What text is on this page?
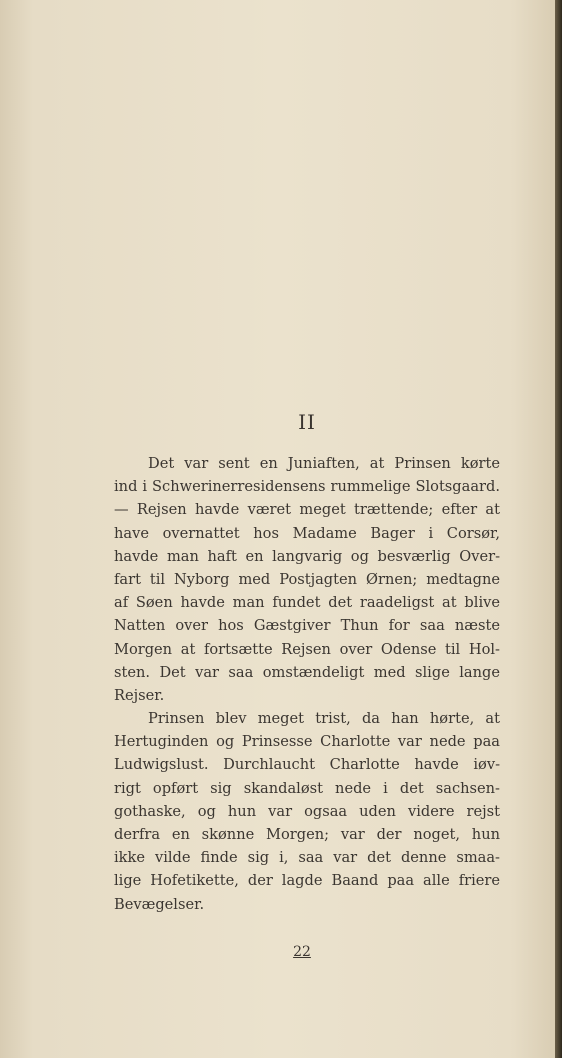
II
Det var sent en Juniaften, at Prinsen kørte
ind i Schwerinerresidensens rummelige Slotsgaard.
— Rejsen havde været meget trættende; efter at
have overnattet hos Madame Bager i Corsør,
havde man haft en langvarig og besværlig Over-
fart til Nyborg med Postjagten Ørnen; medtagne
af Søen havde man fundet det raadeligst at blive
Natten over hos Gæstgiver Thun for saa næste
Morgen at fortsætte Rejsen over Odense til Hol-
sten. Det var saa omstændeligt med slige lange
Rejser.
Prinsen blev meget trist, da han hørte, at
Hertuginden og Prinsesse Charlotte var nede paa
Ludwigslust. Durchlaucht Charlotte havde iøv-
rigt opført sig skandaløst nede i det sachsen-
gothaske, og hun var ogsaa uden videre rejst
derfra en skønne Morgen; var der noget, hun
ikke vilde finde sig i, saa var det denne smaa-
lige Hofetikette, der lagde Baand paa alle friere
Bevægelser.
22
